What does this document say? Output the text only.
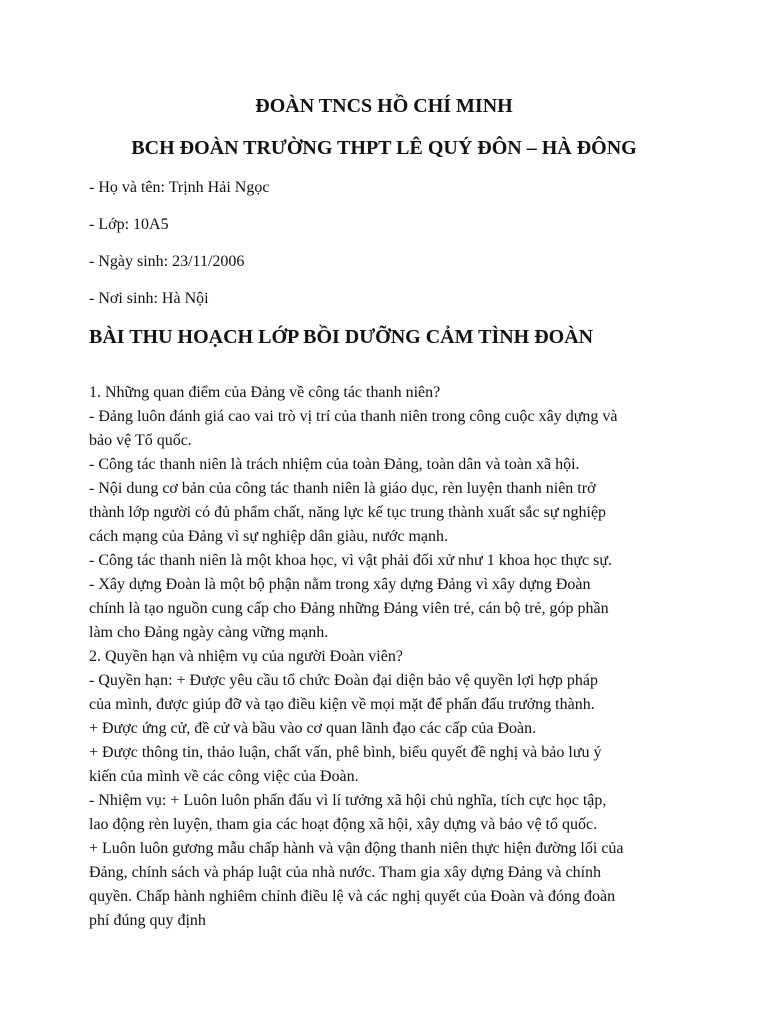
ĐOÀN TNCS HỒ CHÍ MINH
BCH ĐOÀN TRƯỜNG THPT LÊ QUÝ ĐÔN – HÀ ĐÔNG
- Họ và tên: Trịnh Hải Ngọc
- Lớp: 10A5
- Ngày sinh: 23/11/2006
- Nơi sinh: Hà Nội
BÀI THU HOẠCH LỚP BỒI DƯỠNG CẢM TÌNH ĐOÀN
1. Những quan điểm của Đảng về công tác thanh niên?
- Đảng luôn đánh giá cao vai trò vị trí của thanh niên trong công cuộc xây dựng và
bảo vệ Tổ quốc.
- Công tác thanh niên là trách nhiệm của toàn Đảng, toàn dân và toàn xã hội.
- Nội dung cơ bản của công tác thanh niên là giáo dục, rèn luyện thanh niên trở
thành lớp người có đủ phẩm chất, năng lực kế tục trung thành xuất sắc sự nghiệp
cách mạng của Đảng vì sự nghiệp dân giàu, nước mạnh.
- Công tác thanh niên là một khoa học, vì vật phải đối xử như 1 khoa học thực sự.
- Xây dựng Đoàn là một bộ phận nằm trong xây dựng Đảng vì xây dựng Đoàn
chính là tạo nguồn cung cấp cho Đảng những Đảng viên trẻ, cán bộ trẻ, góp phần
làm cho Đảng ngày càng vững mạnh.
2. Quyền hạn và nhiệm vụ của người Đoàn viên?
- Quyền hạn: + Được yêu cầu tổ chức Đoàn đại diện bảo vệ quyền lợi hợp pháp
của mình, được giúp đỡ và tạo điều kiện về mọi mặt để phấn đấu trưởng thành.
+ Được ứng cử, đề cử và bầu vào cơ quan lãnh đạo các cấp của Đoàn.
+ Được thông tin, thảo luận, chất vấn, phê bình, biểu quyết đề nghị và bảo lưu ý
kiến của mình về các công việc của Đoàn.
- Nhiệm vụ: + Luôn luôn phấn đấu vì lí tưởng xã hội chủ nghĩa, tích cực học tập,
lao động rèn luyện, tham gia các hoạt động xã hội, xây dựng và bảo vệ tổ quốc.
+ Luôn luôn gương mẫu chấp hành và vận động thanh niên thực hiện đường lối của
Đảng, chính sách và pháp luật của nhà nước. Tham gia xây dựng Đảng và chính
quyền. Chấp hành nghiêm chỉnh điều lệ và các nghị quyết của Đoàn và đóng đoàn
phí đúng quy định
